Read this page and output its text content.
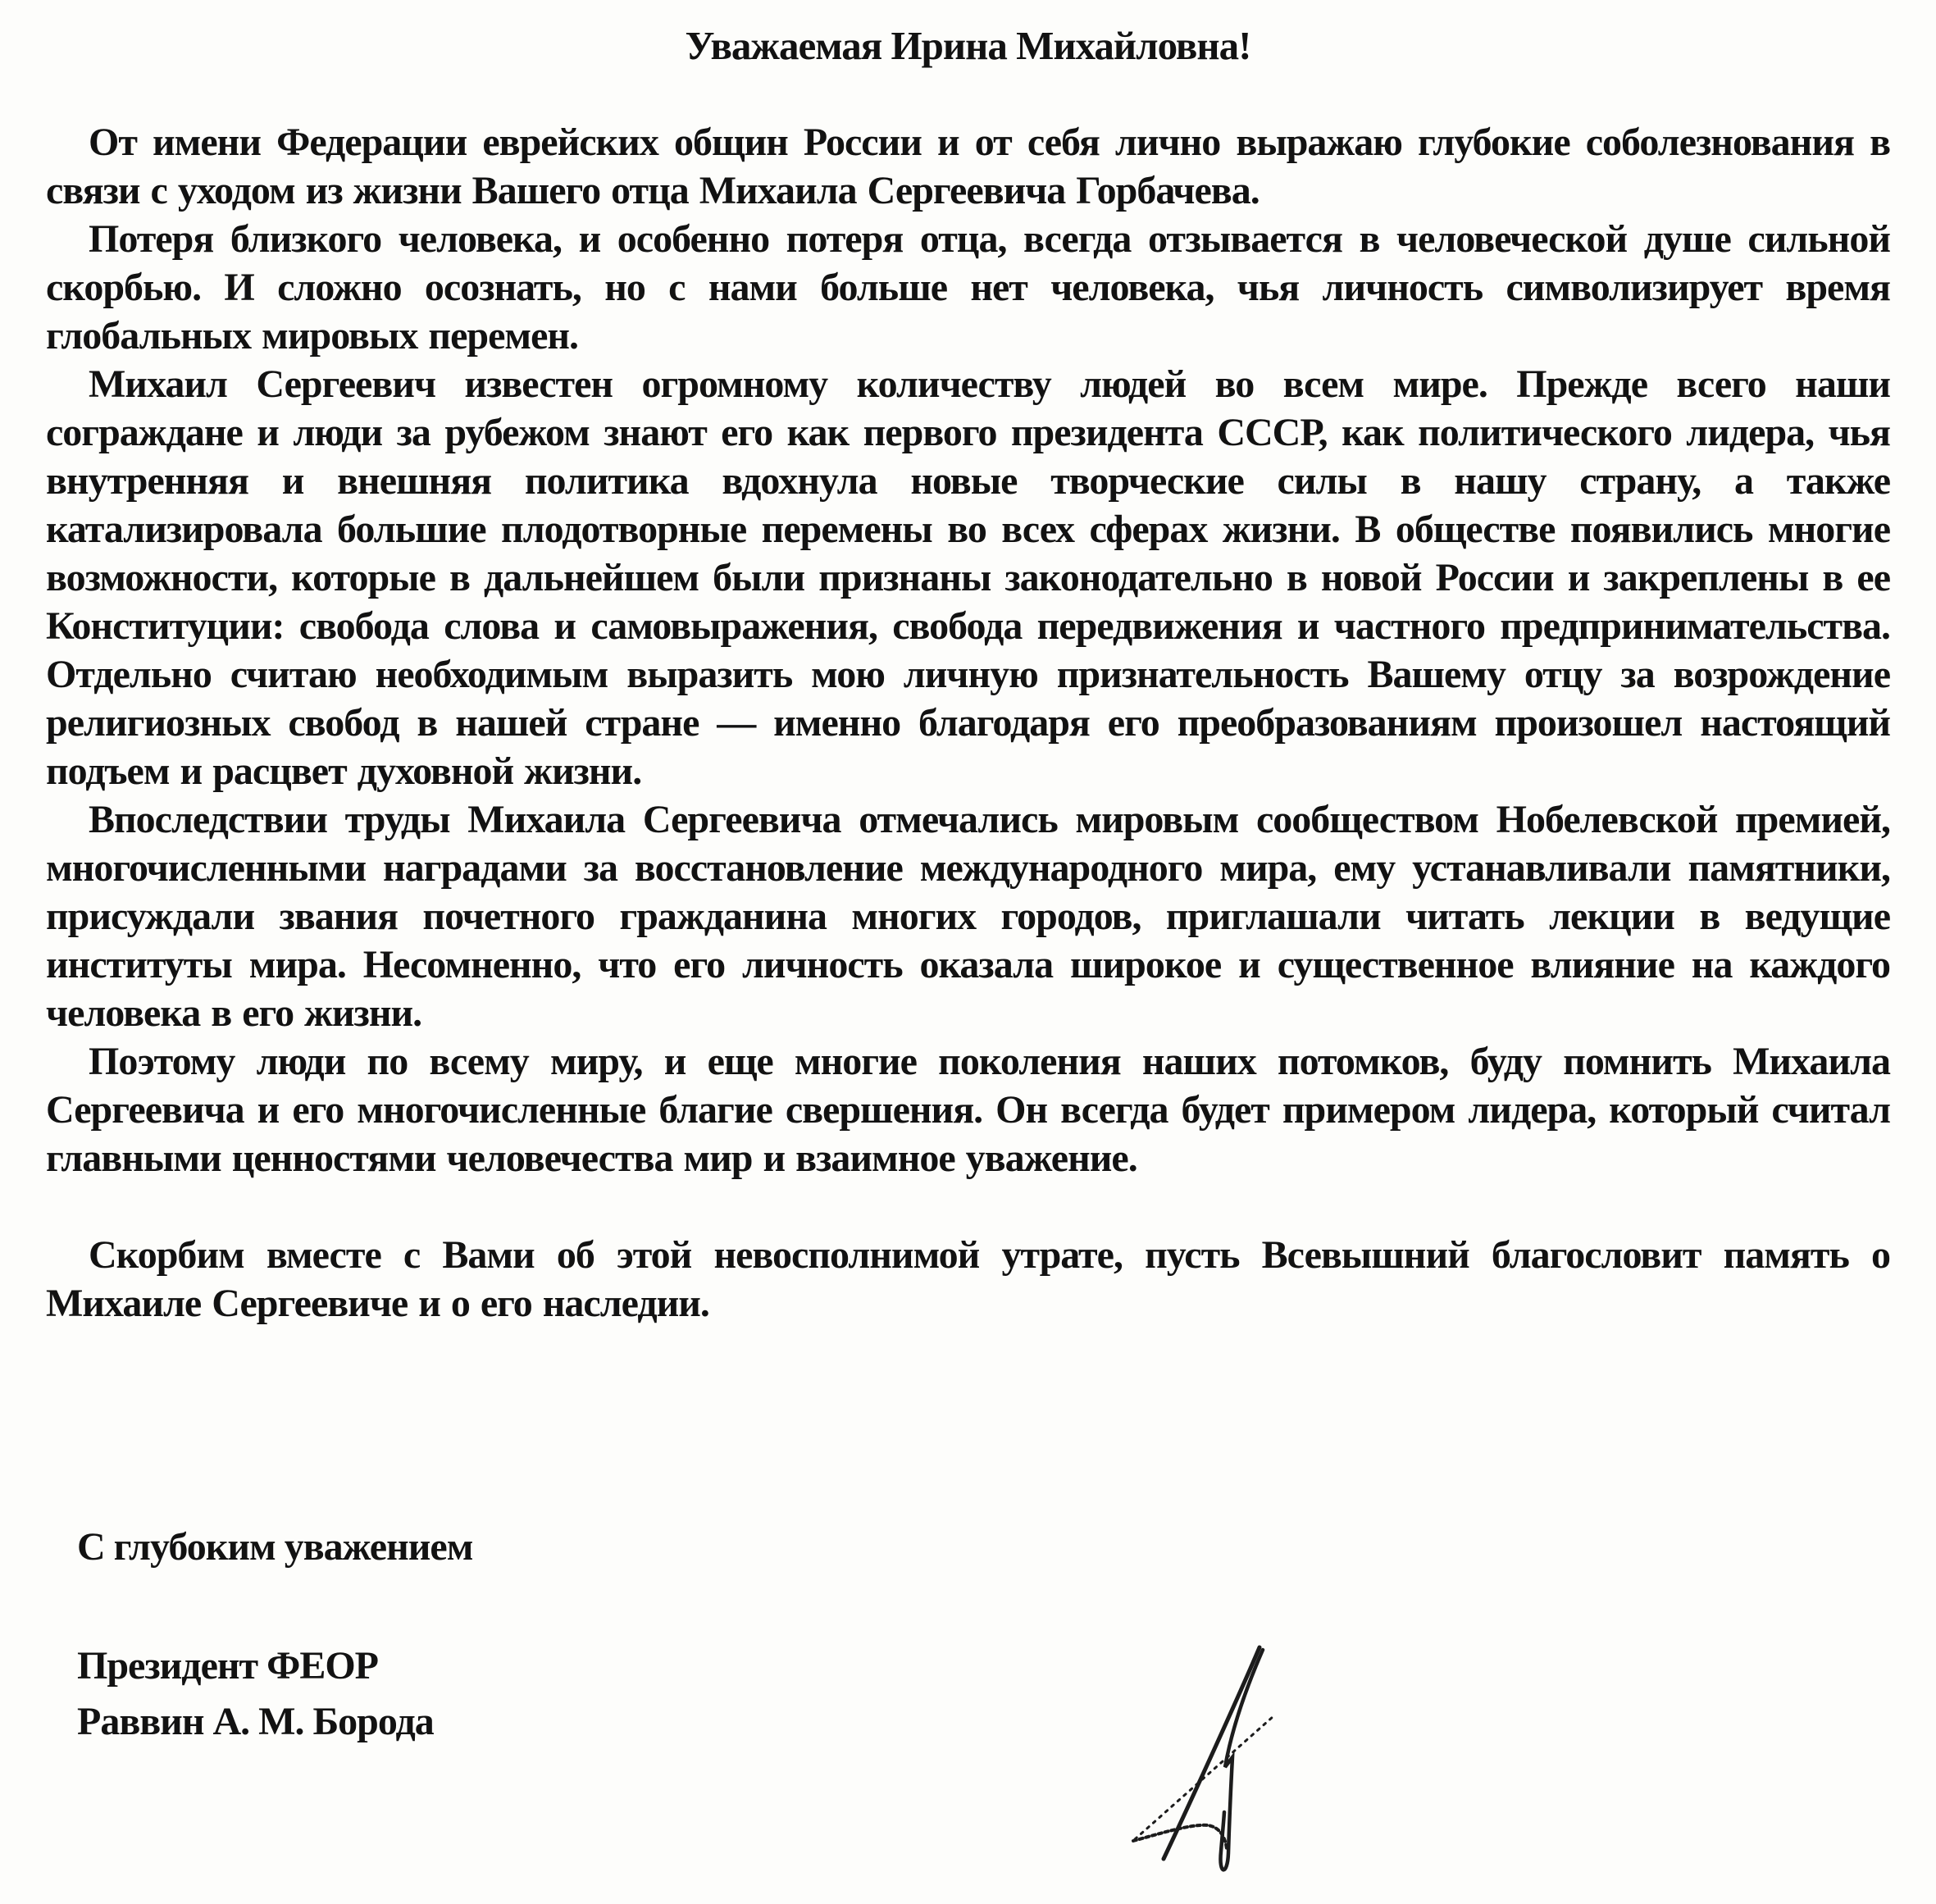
Уважаемая Ирина Михайловна!

От имени Федерации еврейских общин России и от себя лично выражаю глубокие соболезнования в связи с уходом из жизни Вашего отца Михаила Сергеевича Горбачева.

Потеря близкого человека, и особенно потеря отца, всегда отзывается в человеческой душе сильной скорбью. И сложно осознать, но с нами больше нет человека, чья личность символизирует время глобальных мировых перемен.

Михаил Сергеевич известен огромному количеству людей во всем мире. Прежде всего наши сограждане и люди за рубежом знают его как первого президента СССР, как политического лидера, чья внутренняя и внешняя политика вдохнула новые творческие силы в нашу страну, а также катализировала большие плодотворные перемены во всех сферах жизни. В обществе появились многие возможности, которые в дальнейшем были признаны законодательно в новой России и закреплены в ее Конституции: свобода слова и самовыражения, свобода передвижения и частного предпринимательства. Отдельно считаю необходимым выразить мою личную признательность Вашему отцу за возрождение религиозных свобод в нашей стране — именно благодаря его преобразованиям произошел настоящий подъем и расцвет духовной жизни.

Впоследствии труды Михаила Сергеевича отмечались мировым сообществом Нобелевской премией, многочисленными наградами за восстановление международного мира, ему устанавливали памятники, присуждали звания почетного гражданина многих городов, приглашали читать лекции в ведущие институты мира. Несомненно, что его личность оказала широкое и существенное влияние на каждого человека в его жизни.

Поэтому люди по всему миру, и еще многие поколения наших потомков, буду помнить Михаила Сергеевича и его многочисленные благие свершения. Он всегда будет примером лидера, который считал главными ценностями человечества мир и взаимное уважение.

Скорбим вместе с Вами об этой невосполнимой утрате, пусть Всевышний благословит память о Михаиле Сергеевиче и о его наследии.

С глубоким уважением

Президент ФЕОР

Раввин А. М. Борода
